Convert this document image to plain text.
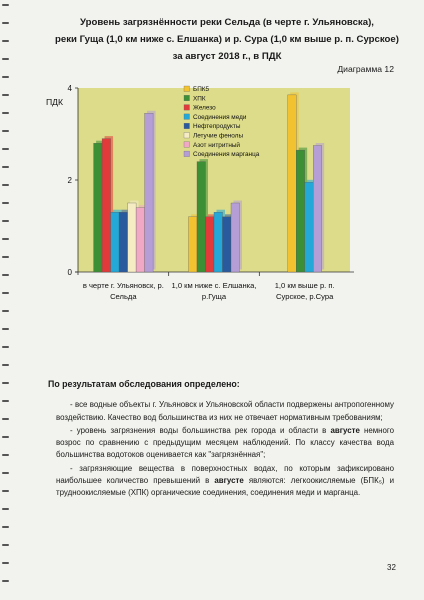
Уровень загрязнённости реки Сельда (в черте г. Ульяновска),
реки Гуща (1,0 км ниже с. Елшанка) и р. Сура (1,0 км выше р. п. Сурское)
за август 2018 г., в ПДК
Диаграмма 12
ПДК
0
2
4
в черте г. Ульяновск, р.
Сельда
1,0 км ниже с. Елшанка,
р.Гуща
1,0 км выше р. п.
Сурское, р.Сура
БПК5
ХПК
Железо
Соединения меди
Нефтепродукты
Летучие фенолы
Азот нитритный
Соединения марганца
По результатам обследования определено:

- все водные объекты г. Ульяновск и Ульяновской области подвержены антропогенному воздействию. Качество вод большинства из них не отвечает нормативным требованиям;

- уровень загрязнения воды большинства рек города и области в августе немного возрос по сравнению с предыдущим месяцем наблюдений. По классу качества вода большинства водотоков оценивается как "загрязнённая";

- загрязняющие вещества в поверхностных водах, по которым зафиксировано наибольшее количество превышений в августе являются: легкоокисляемые (БПК₅) и трудноокисляемые (ХПК) органические соединения, соединения меди и марганца.

32
